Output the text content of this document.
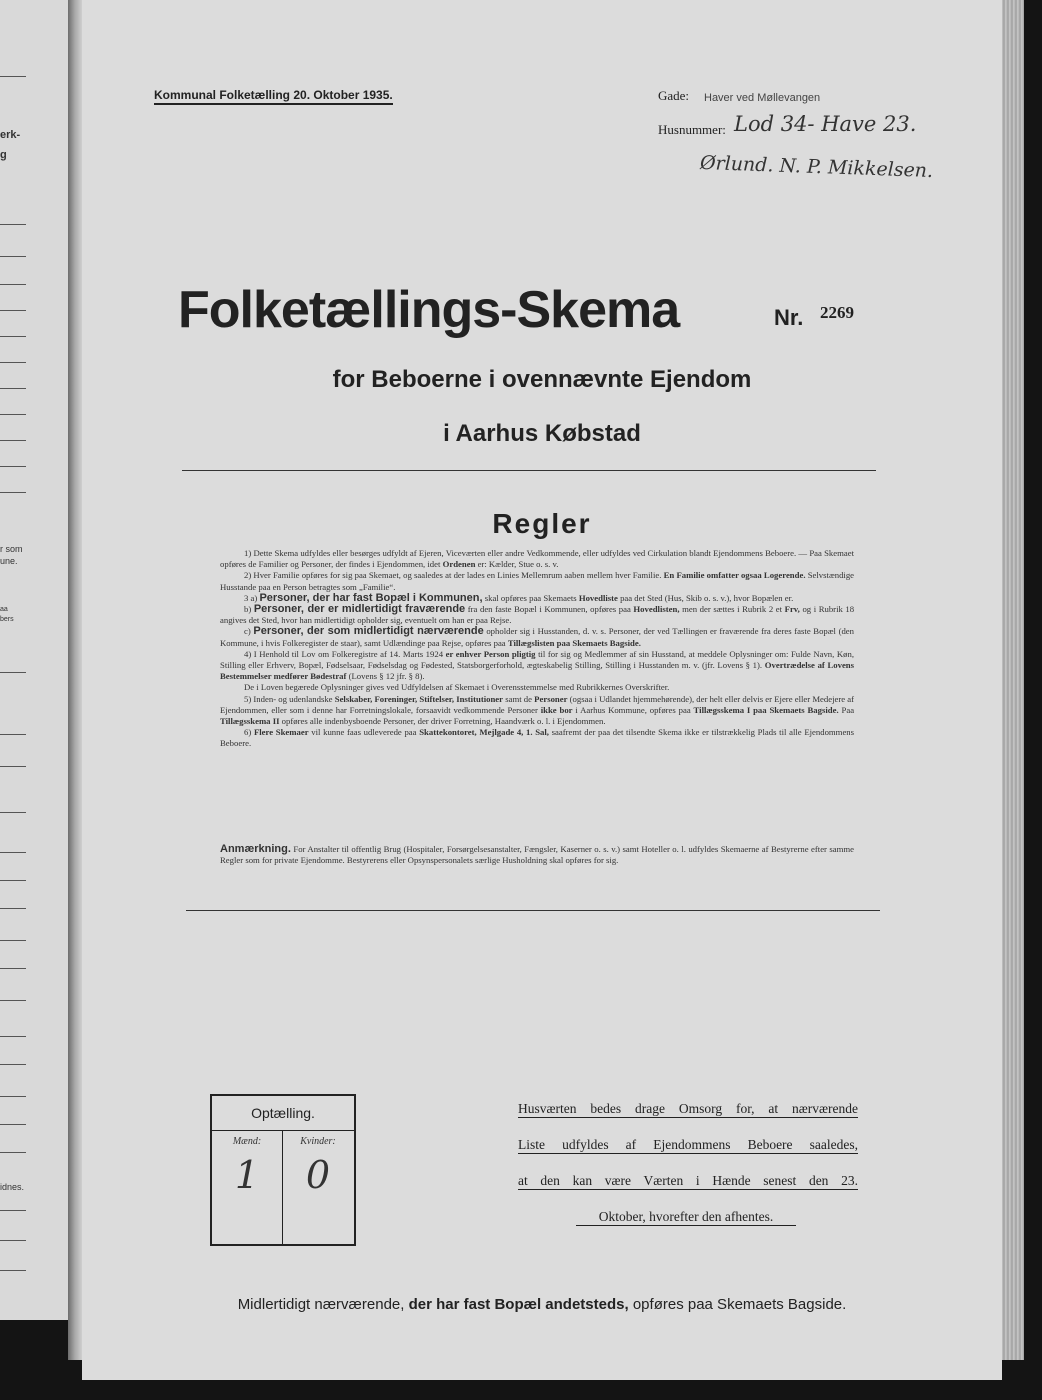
erk-
g
r som
une.
aa
bers
idnes.
Kommunal Folketælling 20. Oktober 1935.	Gade: Haver ved Møllevangen
Husnummer: Lod 34- Have 23.
Ørlund. N. P. Mikkelsen.
Folketællings-Skema	Nr. 2269
for Beboerne i ovennævnte Ejendom
i Aarhus Købstad
Regler

1) Dette Skema udfyldes eller besørges udfyldt af Ejeren, Viceværten eller andre Vedkommende, eller udfyldes ved Cirkulation blandt Ejendommens Beboere. — Paa Skemaet opføres de Familier og Personer, der findes i Ejendommen, idet Ordenen er: Kælder, Stue o. s. v.

2) Hver Familie opføres for sig paa Skemaet, og saaledes at der lades en Linies Mellemrum aaben mellem hver Familie. En Familie omfatter ogsaa Logerende. Selvstændige Husstande paa en Person betragtes som „Familie“.

3 a) Personer, der har fast Bopæl i Kommunen, skal opføres paa Skemaets Hovedliste paa det Sted (Hus, Skib o. s. v.), hvor Bopælen er.

b) Personer, der er midlertidigt fraværende fra den faste Bopæl i Kommunen, opføres paa Hovedlisten, men der sættes i Rubrik 2 et Frv, og i Rubrik 18 angives det Sted, hvor han midlertidigt opholder sig, eventuelt om han er paa Rejse.

c) Personer, der som midlertidigt nærværende opholder sig i Husstanden, d. v. s. Personer, der ved Tællingen er fraværende fra deres faste Bopæl (den Kommune, i hvis Folkeregister de staar), samt Udlændinge paa Rejse, opføres paa Tillægslisten paa Skemaets Bagside.

4) I Henhold til Lov om Folkeregistre af 14. Marts 1924 er enhver Person pligtig til for sig og Medlemmer af sin Husstand, at meddele Oplysninger om: Fulde Navn, Køn, Stilling eller Erhverv, Bopæl, Fødselsaar, Fødselsdag og Fødested, Statsborgerforhold, ægteskabelig Stilling, Stilling i Husstanden m. v. (jfr. Lovens § 1). Overtrædelse af Lovens Bestemmelser medfører Bødestraf (Lovens § 12 jfr. § 8).

De i Loven begærede Oplysninger gives ved Udfyldelsen af Skemaet i Overensstemmelse med Rubrikkernes Overskrifter.

5) Inden- og udenlandske Selskaber, Foreninger, Stiftelser, Institutioner samt de Personer (ogsaa i Udlandet hjemmehørende), der helt eller delvis er Ejere eller Medejere af Ejendommen, eller som i denne har Forretningslokale, forsaavidt vedkommende Personer ikke bor i Aarhus Kommune, opføres paa Tillægsskema I paa Skemaets Bagside. Paa Tillægsskema II opføres alle indenbysboende Personer, der driver Forretning, Haandværk o. l. i Ejendommen.

6) Flere Skemaer vil kunne faas udleverede paa Skattekontoret, Mejlgade 4, 1. Sal, saafremt der paa det tilsendte Skema ikke er tilstrækkelig Plads til alle Ejendommens Beboere.

Anmærkning. For Anstalter til offentlig Brug (Hospitaler, Forsørgelsesanstalter, Fængsler, Kaserner o. s. v.) samt Hoteller o. l. udfyldes Skemaerne af Bestyrerne efter samme Regler som for private Ejendomme. Bestyrerens eller Opsynspersonalets særlige Husholdning skal opføres for sig.
Optælling.
Mænd:
1
Kvinder:
0
Husværten bedes drage Omsorg for, at nærværende
Liste udfyldes af Ejendommens Beboere saaledes,
at den kan være Værten i Hænde senest den 23.
Oktober, hvorefter den afhentes.
Midlertidigt nærværende, der har fast Bopæl andetsteds, opføres paa Skemaets Bagside.
